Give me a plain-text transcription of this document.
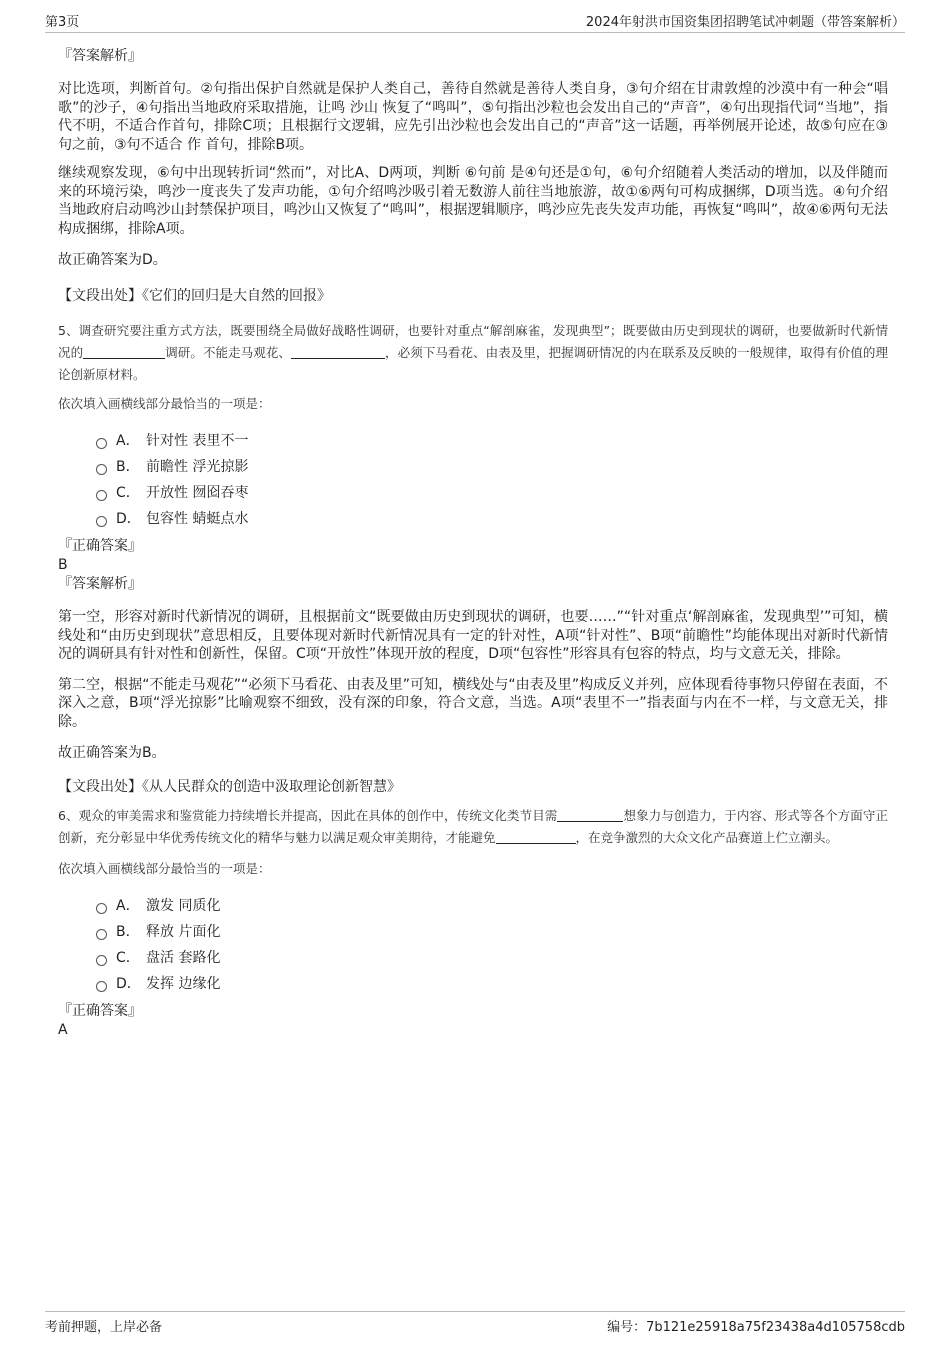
第3页	2024年射洪市国资集团招聘笔试冲刺题（带答案解析）

『答案解析』

对比选项，判断首句。②句指出保护自然就是保护人类自己，善待自然就是善待人类自身，③句介绍在甘肃敦煌的沙漠中有一种会“唱歌”的沙子，④句指出当地政府采取措施，让鸣 沙山 恢复了“鸣叫”，⑤句指出沙粒也会发出自己的“声音”，④句出现指代词“当地”，指代不明，不适合作首句，排除C项；且根据行文逻辑，应先引出沙粒也会发出自己的“声音”这一话题，再举例展开论述，故⑤句应在③句之前，③句不适合 作 首句，排除B项。

继续观察发现，⑥句中出现转折词“然而”，对比A、D两项，判断 ⑥句前 是④句还是①句，⑥句介绍随着人类活动的增加，以及伴随而来的环境污染，鸣沙一度丧失了发声功能，①句介绍鸣沙吸引着无数游人前往当地旅游，故①⑥两句可构成捆绑，D项当选。④句介绍当地政府启动鸣沙山封禁保护项目，鸣沙山又恢复了“鸣叫”，根据逻辑顺序，鸣沙应先丧失发声功能，再恢复“鸣叫”，故④⑥两句无法构成捆绑，排除A项。

故正确答案为D。

【文段出处】《它们的回归是大自然的回报》

5、调查研究要注重方式方法，既要围绕全局做好战略性调研，也要针对重点“解剖麻雀，发现典型”；既要做由历史到现状的调研，也要做新时代新情况的	调研。不能走马观花、	，必须下马看花、由表及里，把握调研情况的内在联系及反映的一般规律，取得有价值的理论创新原材料。

依次填入画横线部分最恰当的一项是：

A． 针对性 表里不一
B． 前瞻性 浮光掠影
C． 开放性 囫囵吞枣
D． 包容性 蜻蜓点水

『正确答案』

B

『答案解析』

第一空，形容对新时代新情况的调研，且根据前文“既要做由历史到现状的调研，也要……”“针对重点‘解剖麻雀，发现典型’”可知，横线处和“由历史到现状”意思相反，且要体现对新时代新情况具有一定的针对性，A项“针对性”、B项“前瞻性”均能体现出对新时代新情况的调研具有针对性和创新性，保留。C项“开放性”体现开放的程度，D项“包容性”形容具有包容的特点，均与文意无关，排除。

第二空，根据“不能走马观花”“必须下马看花、由表及里”可知，横线处与“由表及里”构成反义并列，应体现看待事物只停留在表面，不深入之意，B项“浮光掠影”比喻观察不细致，没有深的印象，符合文意，当选。A项“表里不一”指表面与内在不一样，与文意无关，排除。

故正确答案为B。

【文段出处】《从人民群众的创造中汲取理论创新智慧》

6、观众的审美需求和鉴赏能力持续増长并提高，因此在具体的创作中，传统文化类节目需	想象力与创造力，于内容、形式等各个方面守正创新，充分彰显中华优秀传统文化的精华与魅力以满足观众审美期待，才能避免	，在竞争激烈的大众文化产品赛道上伫立潮头。

依次填入画横线部分最恰当的一项是：

A． 激发 同质化
B． 释放 片面化
C． 盘活 套路化
D． 发挥 边缘化

『正确答案』

A

考前押题，上岸必备	编号：7b121e25918a75f23438a4d105758cdb
